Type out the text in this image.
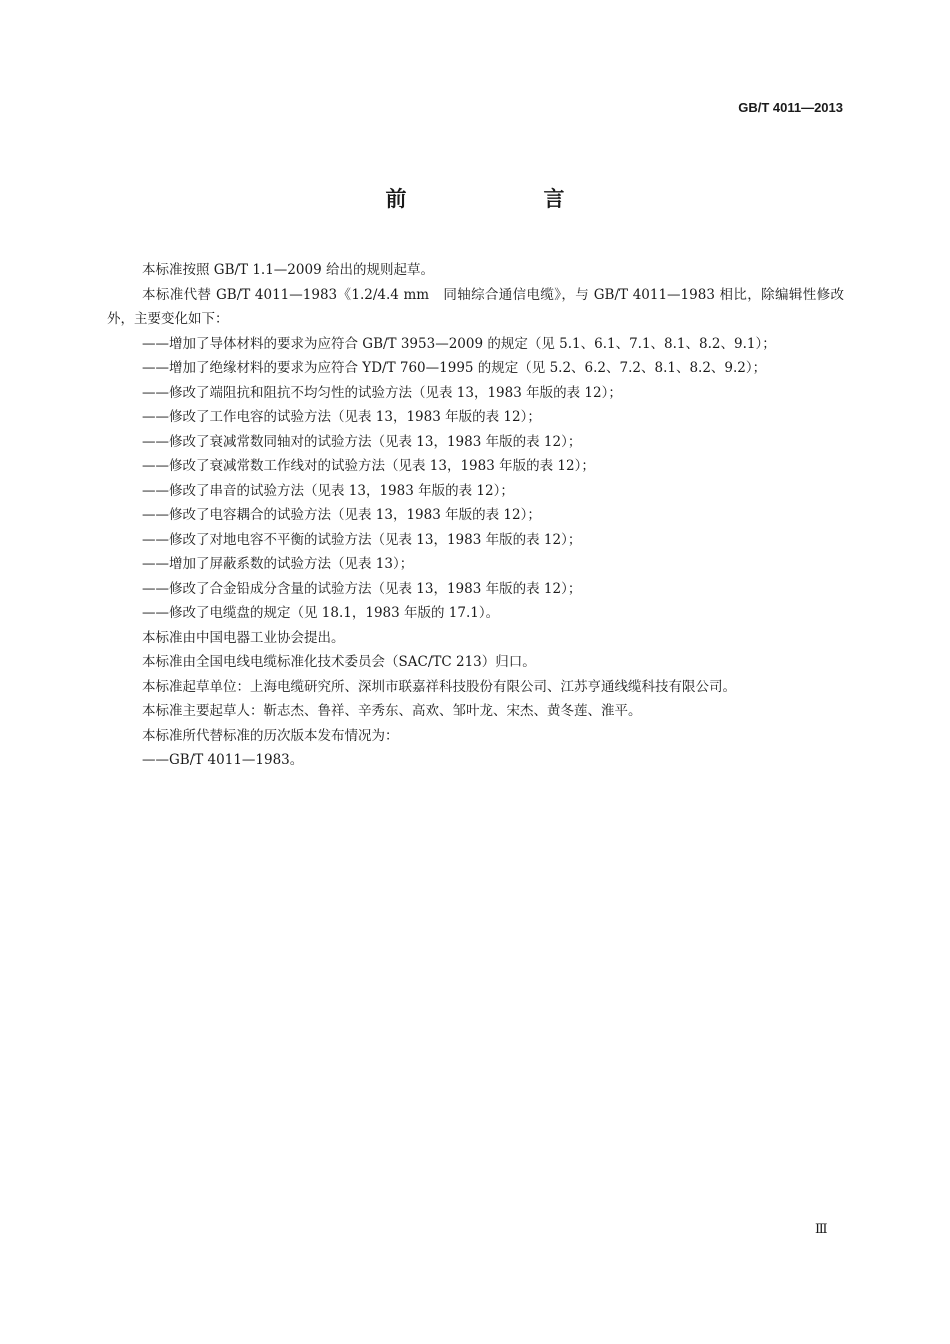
GB/T 4011—2013
前　言

本标准按照 GB/T 1.1—2009 给出的规则起草。

本标准代替 GB/T 4011—1983《1.2/4.4 mm　同轴综合通信电缆》，与 GB/T 4011—1983 相比，除编辑性修改外，主要变化如下：

——增加了导体材料的要求为应符合 GB/T 3953—2009 的规定（见 5.1、6.1、7.1、8.1、8.2、9.1）；

——增加了绝缘材料的要求为应符合 YD/T 760—1995 的规定（见 5.2、6.2、7.2、8.1、8.2、9.2）；

——修改了端阻抗和阻抗不均匀性的试验方法（见表 13，1983 年版的表 12）；

——修改了工作电容的试验方法（见表 13，1983 年版的表 12）；

——修改了衰减常数同轴对的试验方法（见表 13，1983 年版的表 12）；

——修改了衰减常数工作线对的试验方法（见表 13，1983 年版的表 12）；

——修改了串音的试验方法（见表 13，1983 年版的表 12）；

——修改了电容耦合的试验方法（见表 13，1983 年版的表 12）；

——修改了对地电容不平衡的试验方法（见表 13，1983 年版的表 12）；

——增加了屏蔽系数的试验方法（见表 13）；

——修改了合金铅成分含量的试验方法（见表 13，1983 年版的表 12）；

——修改了电缆盘的规定（见 18.1，1983 年版的 17.1）。

本标准由中国电器工业协会提出。

本标准由全国电线电缆标准化技术委员会（SAC/TC 213）归口。

本标准起草单位：上海电缆研究所、深圳市联嘉祥科技股份有限公司、江苏亨通线缆科技有限公司。

本标准主要起草人：靳志杰、鲁祥、辛秀东、高欢、邹叶龙、宋杰、黄冬莲、淮平。

本标准所代替标准的历次版本发布情况为：

——GB/T 4011—1983。

Ⅲ
